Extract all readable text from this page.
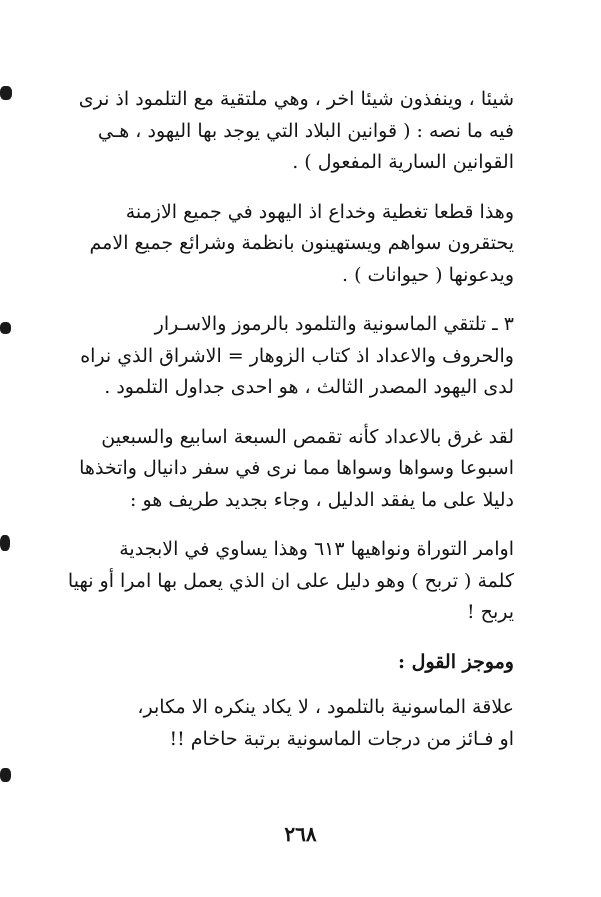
شيئا ، وينفذون شيئا اخر ، وهي ملتقية مع التلمود اذ نرى
فيه ما نصه : ( قوانين البلاد التي يوجد بها اليهود ، هـي
القوانين السارية المفعول ) .

وهذا قطعا تغطية وخداع اذ اليهود في جميع الازمنة
يحتقرون سواهم ويستهينون بانظمة وشرائع جميع الامم
ويدعونها ( حيوانات ) .

٣ ـ تلتقي الماسونية والتلمود بالرموز والاسـرار
والحروف والاعداد اذ كتاب الزوهار = الاشراق الذي نراه
لدى اليهود المصدر الثالث ، هو احدى جداول التلمود .

لقد غرق بالاعداد كأنه تقمص السبعة اسابيع والسبعين
اسبوعا وسواها وسواها مما نرى في سفر دانيال واتخذها
دليلا على ما يفقد الدليل ، وجاء بجديد طريف هو :

اوامر التوراة ونواهيها ٦١٣ وهذا يساوي في الابجدية
كلمة ( تربح ) وهو دليل على ان الذي يعمل بها امرا أو نهيا
يربح !

وموجز القول :

علاقة الماسونية بالتلمود ، لا يكاد ينكره الا مكابر،
او فـائز من درجات الماسونية برتبة حاخام !!

٢٦٨
